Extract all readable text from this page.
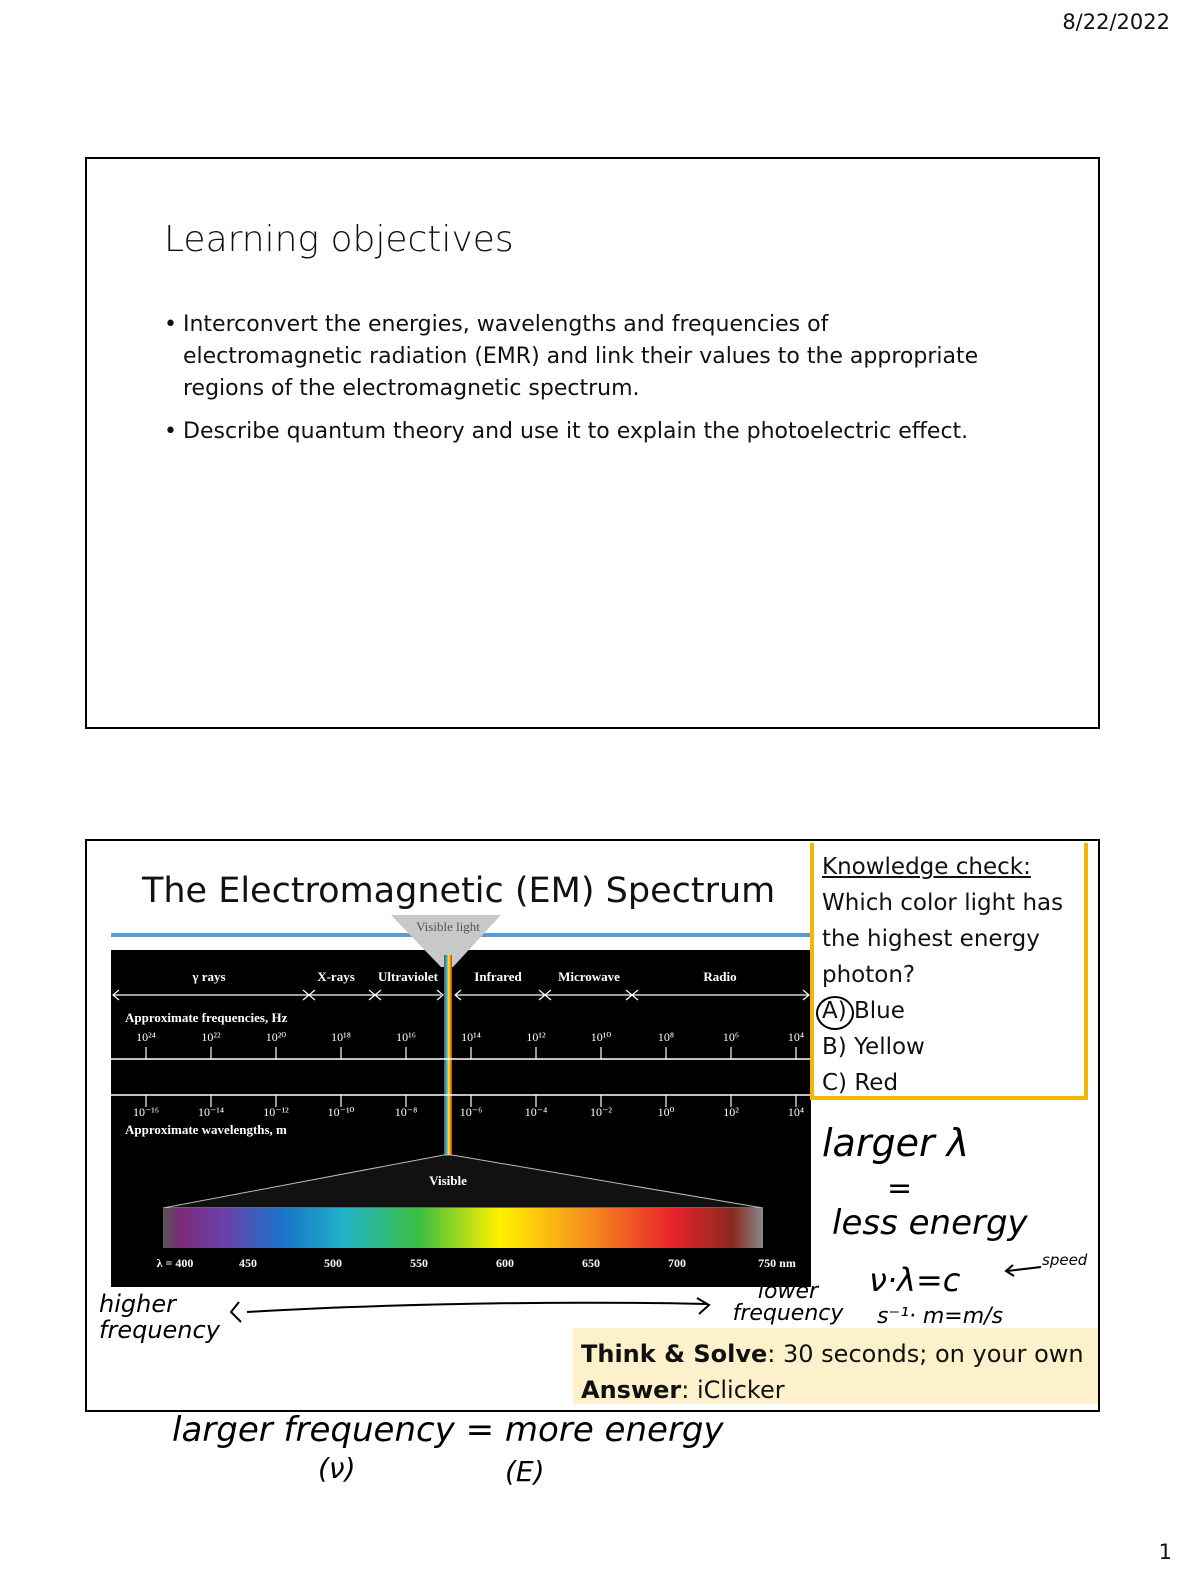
8/22/2022
Learning objectives
• Interconvert the energies, wavelengths and frequencies of electromagnetic radiation (EMR) and link their values to the appropriate regions of the electromagnetic spectrum.
• Describe quantum theory and use it to explain the photoelectric effect.
The Electromagnetic (EM) Spectrum
Visible light
γ rays	X-rays Ultraviolet	Infrared	Microwave	Radio
Approximate frequencies, Hz
10²⁴	10²²	10²⁰	10¹⁸	10¹⁶	10¹⁴	10¹²	10¹⁰	10⁸	10⁶	10⁴
10⁻¹⁶	10⁻¹⁴	10⁻¹²	10⁻¹⁰	10⁻⁸	10⁻⁶	10⁻⁴	10⁻²	10⁰	10²	10⁴
Approximate wavelengths, m
Visible
λ = 400	450	500	550	600	650	700	750 nm
Knowledge check:
Which color light has
the highest energy
photon?
A) Blue
B) Yellow
C) Red
Think & Solve: 30 seconds; on your own
Answer: iClicker
larger λ
=
less energy
ν·λ=c
speed
s⁻¹· m=m/s
higher frequency
lower frequency
larger frequency = more energy
(ν)	(E)
1
